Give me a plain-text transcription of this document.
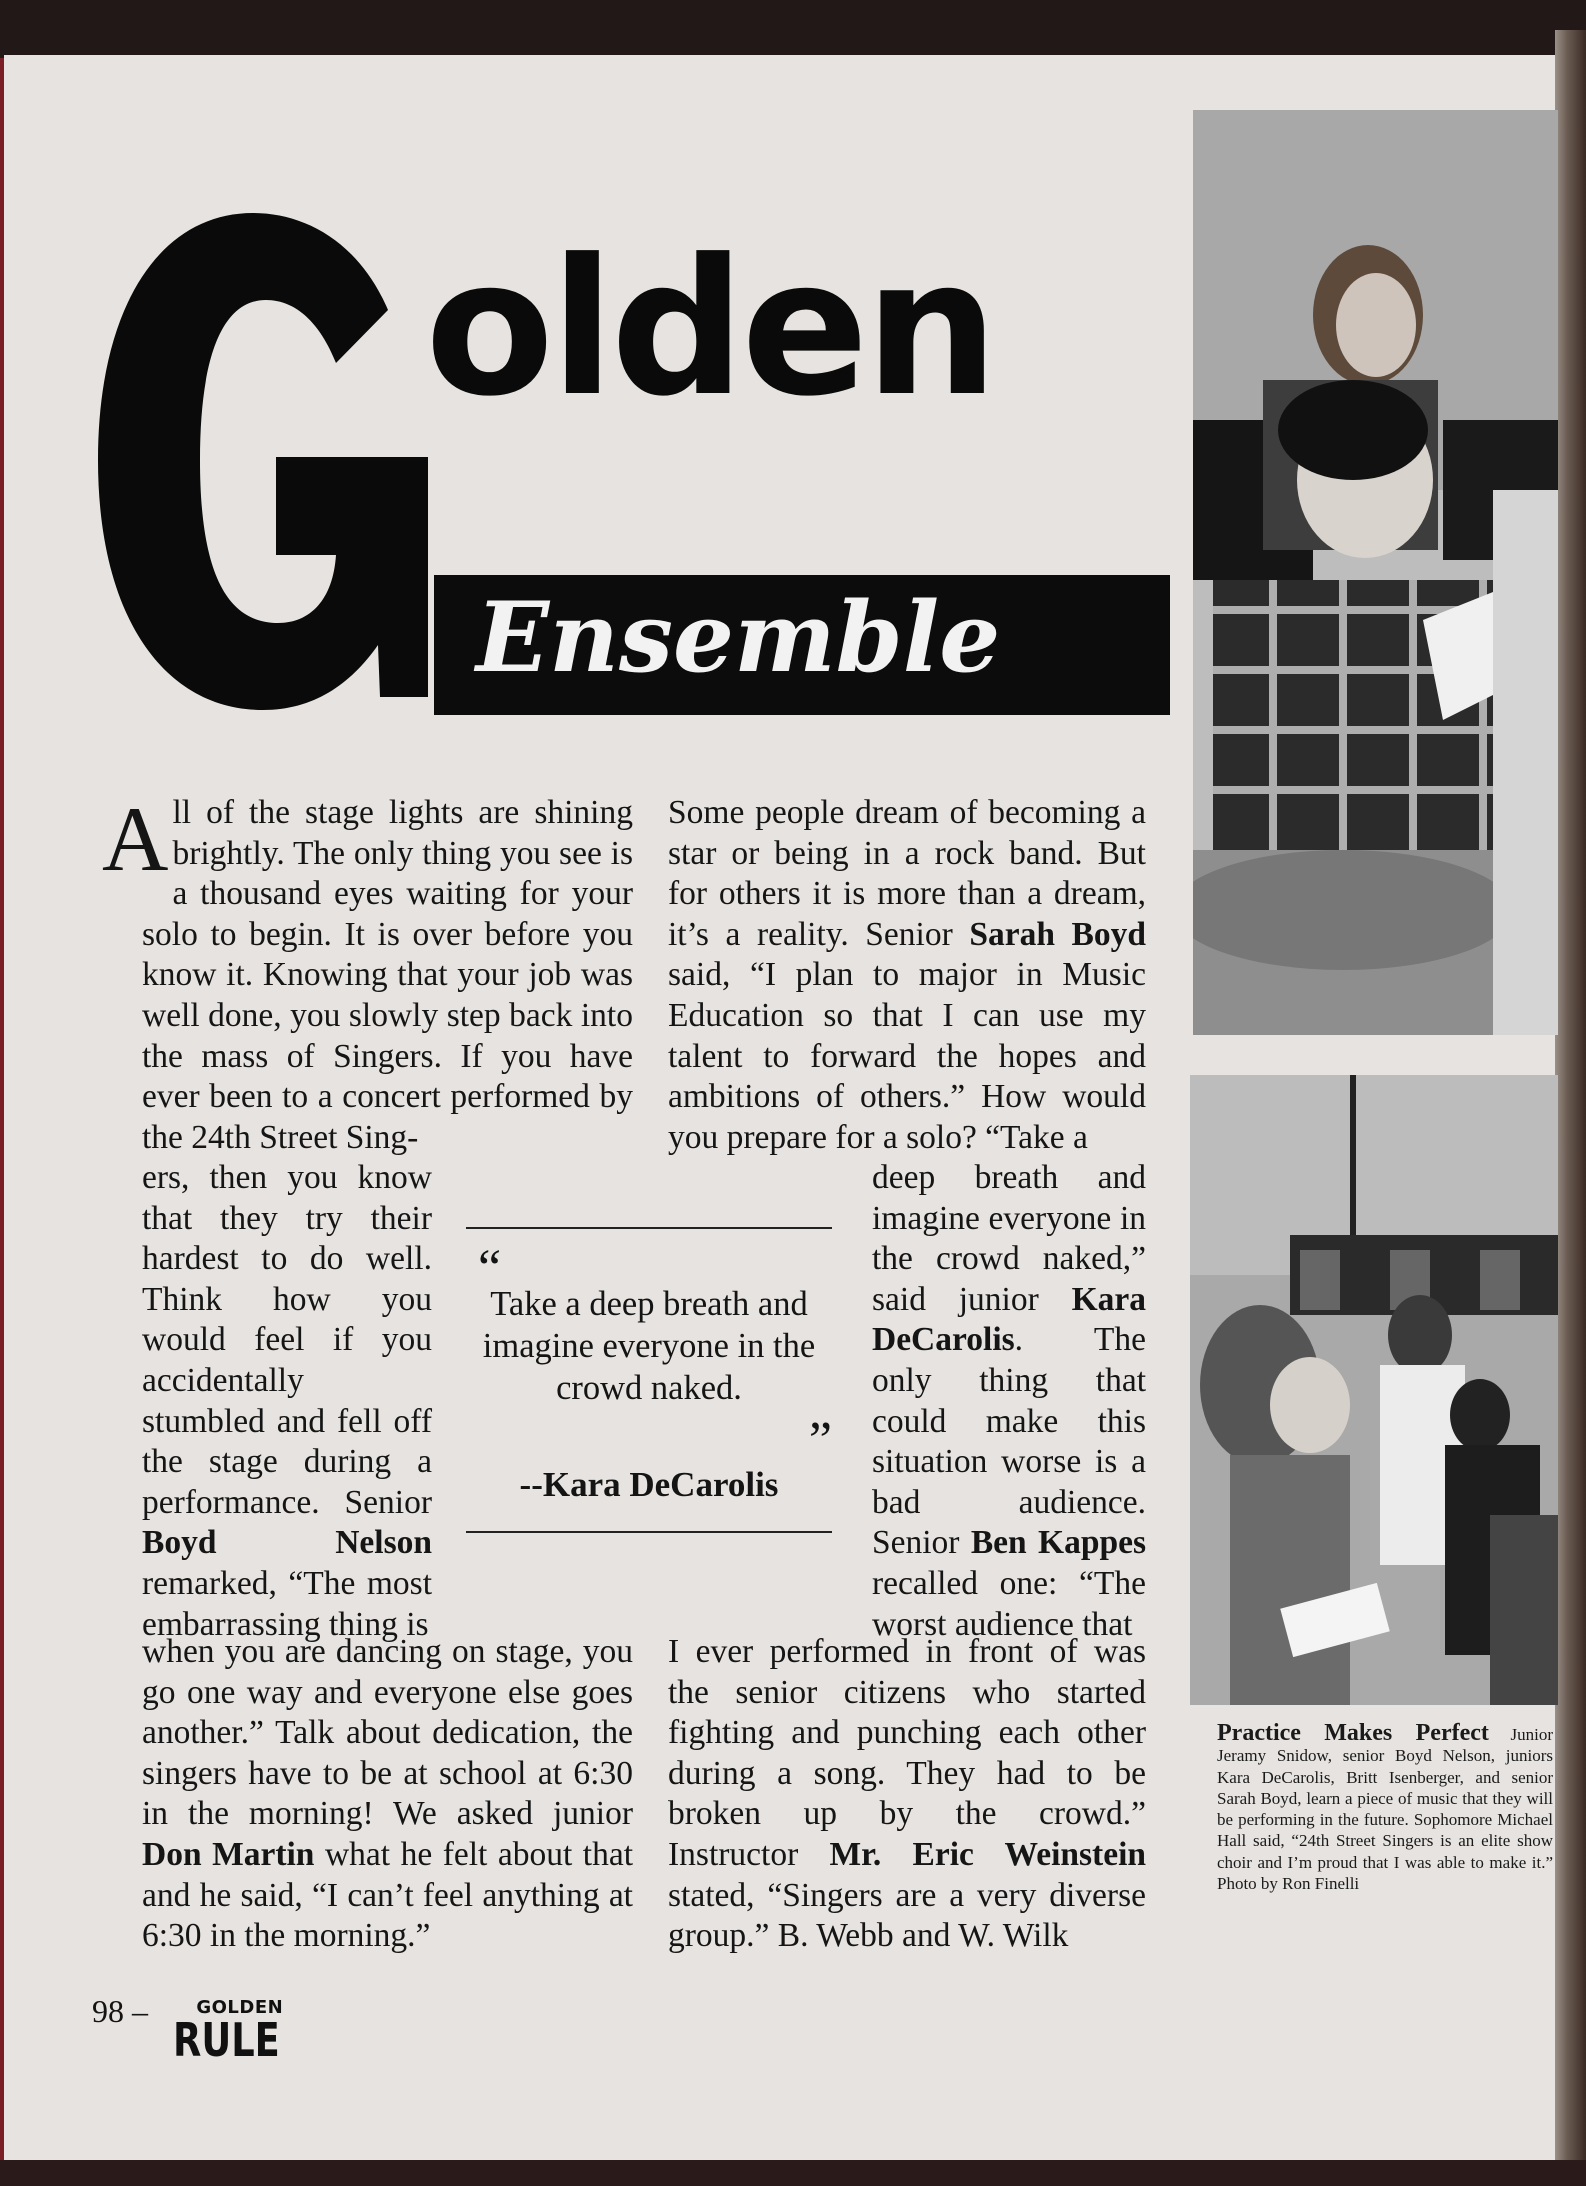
olden
Ensemble

A ll of the stage lights are shining brightly. The only thing you see is a thousand eyes waiting for your solo to begin. It is over before you know it. Knowing that your job was well done, you slowly step back into the mass of Singers. If you have ever been to a concert performed by the 24th Street Sing-

ers, then you know that they try their hardest to do well. Think how you would feel if you accidentally stumbled and fell off the stage during a performance. Senior Boyd Nelson remarked, “The most embarrassing thing is

when you are dancing on stage, you go one way and everyone else goes another.” Talk about dedication, the singers have to be at school at 6:30 in the morning! We asked junior Don Martin what he felt about that and he said, “I can’t feel anything at 6:30 in the morning.”

Some people dream of becoming a star or being in a rock band. But for others it is more than a dream, it’s a reality. Senior Sarah Boyd said, “I plan to major in Music Education so that I can use my talent to forward the hopes and ambitions of others.” How would you prepare for a solo? “Take a

deep breath and imagine everyone in the crowd naked,” said junior Kara DeCarolis. The only thing that could make this situation worse is a bad audience. Senior Ben Kappes recalled one: “The worst audience that

I ever performed in front of was the senior citizens who started fighting and punching each other during a song. They had to be broken up by the crowd.” Instructor Mr. Eric Weinstein stated, “Singers are a very diverse group.” B. Webb and W. Wilk

“
Take a deep breath and imagine everyone in the crowd naked.
”
--Kara DeCarolis
Practice Makes Perfect Junior Jeramy Snidow, senior Boyd Nelson, juniors Kara DeCarolis, Britt Isenberger, and senior Sarah Boyd, learn a piece of music that they will be performing in the future. Sophomore Michael Hall said, “24th Street Singers is an elite show choir and I’m proud that I was able to make it.” Photo by Ron Finelli
98 –	GOLDEN
RULE
